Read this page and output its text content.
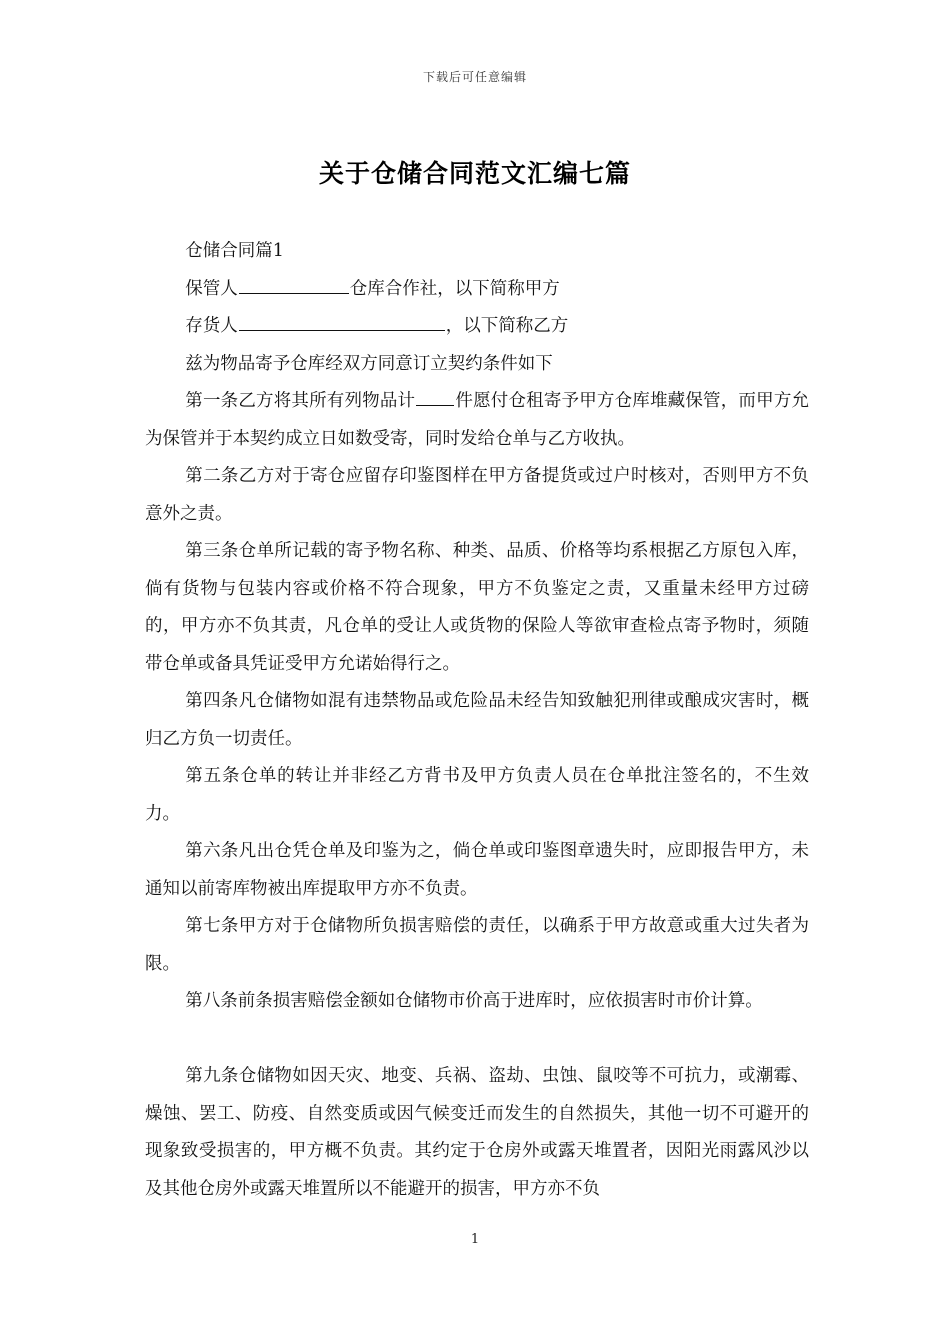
下载后可任意编辑
关于仓储合同范文汇编七篇

仓储合同篇1

保管人	仓库合作社，以下简称甲方

存货人	，以下简称乙方

兹为物品寄予仓库经双方同意订立契约条件如下

第一条乙方将其所有列物品计 件愿付仓租寄予甲方仓库堆藏保管，而甲方允为保管并于本契约成立日如数受寄，同时发给仓单与乙方收执。

第二条乙方对于寄仓应留存印鉴图样在甲方备提货或过户时核对，否则甲方不负意外之责。

第三条仓单所记载的寄予物名称、种类、品质、价格等均系根据乙方原包入库，倘有货物与包装内容或价格不符合现象，甲方不负鉴定之责，又重量未经甲方过磅的，甲方亦不负其责，凡仓单的受让人或货物的保险人等欲审查检点寄予物时，须随带仓单或备具凭证受甲方允诺始得行之。

第四条凡仓储物如混有违禁物品或危险品未经告知致触犯刑律或酿成灾害时，概归乙方负一切责任。

第五条仓单的转让并非经乙方背书及甲方负责人员在仓单批注签名的，不生效力。

第六条凡出仓凭仓单及印鉴为之，倘仓单或印鉴图章遗失时，应即报告甲方，未通知以前寄库物被出库提取甲方亦不负责。

第七条甲方对于仓储物所负损害赔偿的责任，以确系于甲方故意或重大过失者为限。

第八条前条损害赔偿金额如仓储物市价高于进库时，应依损害时市价计算。

第九条仓储物如因天灾、地变、兵祸、盗劫、虫蚀、鼠咬等不可抗力，或潮霉、燥蚀、罢工、防疫、自然变质或因气候变迁而发生的自然损失，其他一切不可避开的现象致受损害的，甲方概不负责。其约定于仓房外或露天堆置者，因阳光雨露风沙以及其他仓房外或露天堆置所以不能避开的损害，甲方亦不负

1
